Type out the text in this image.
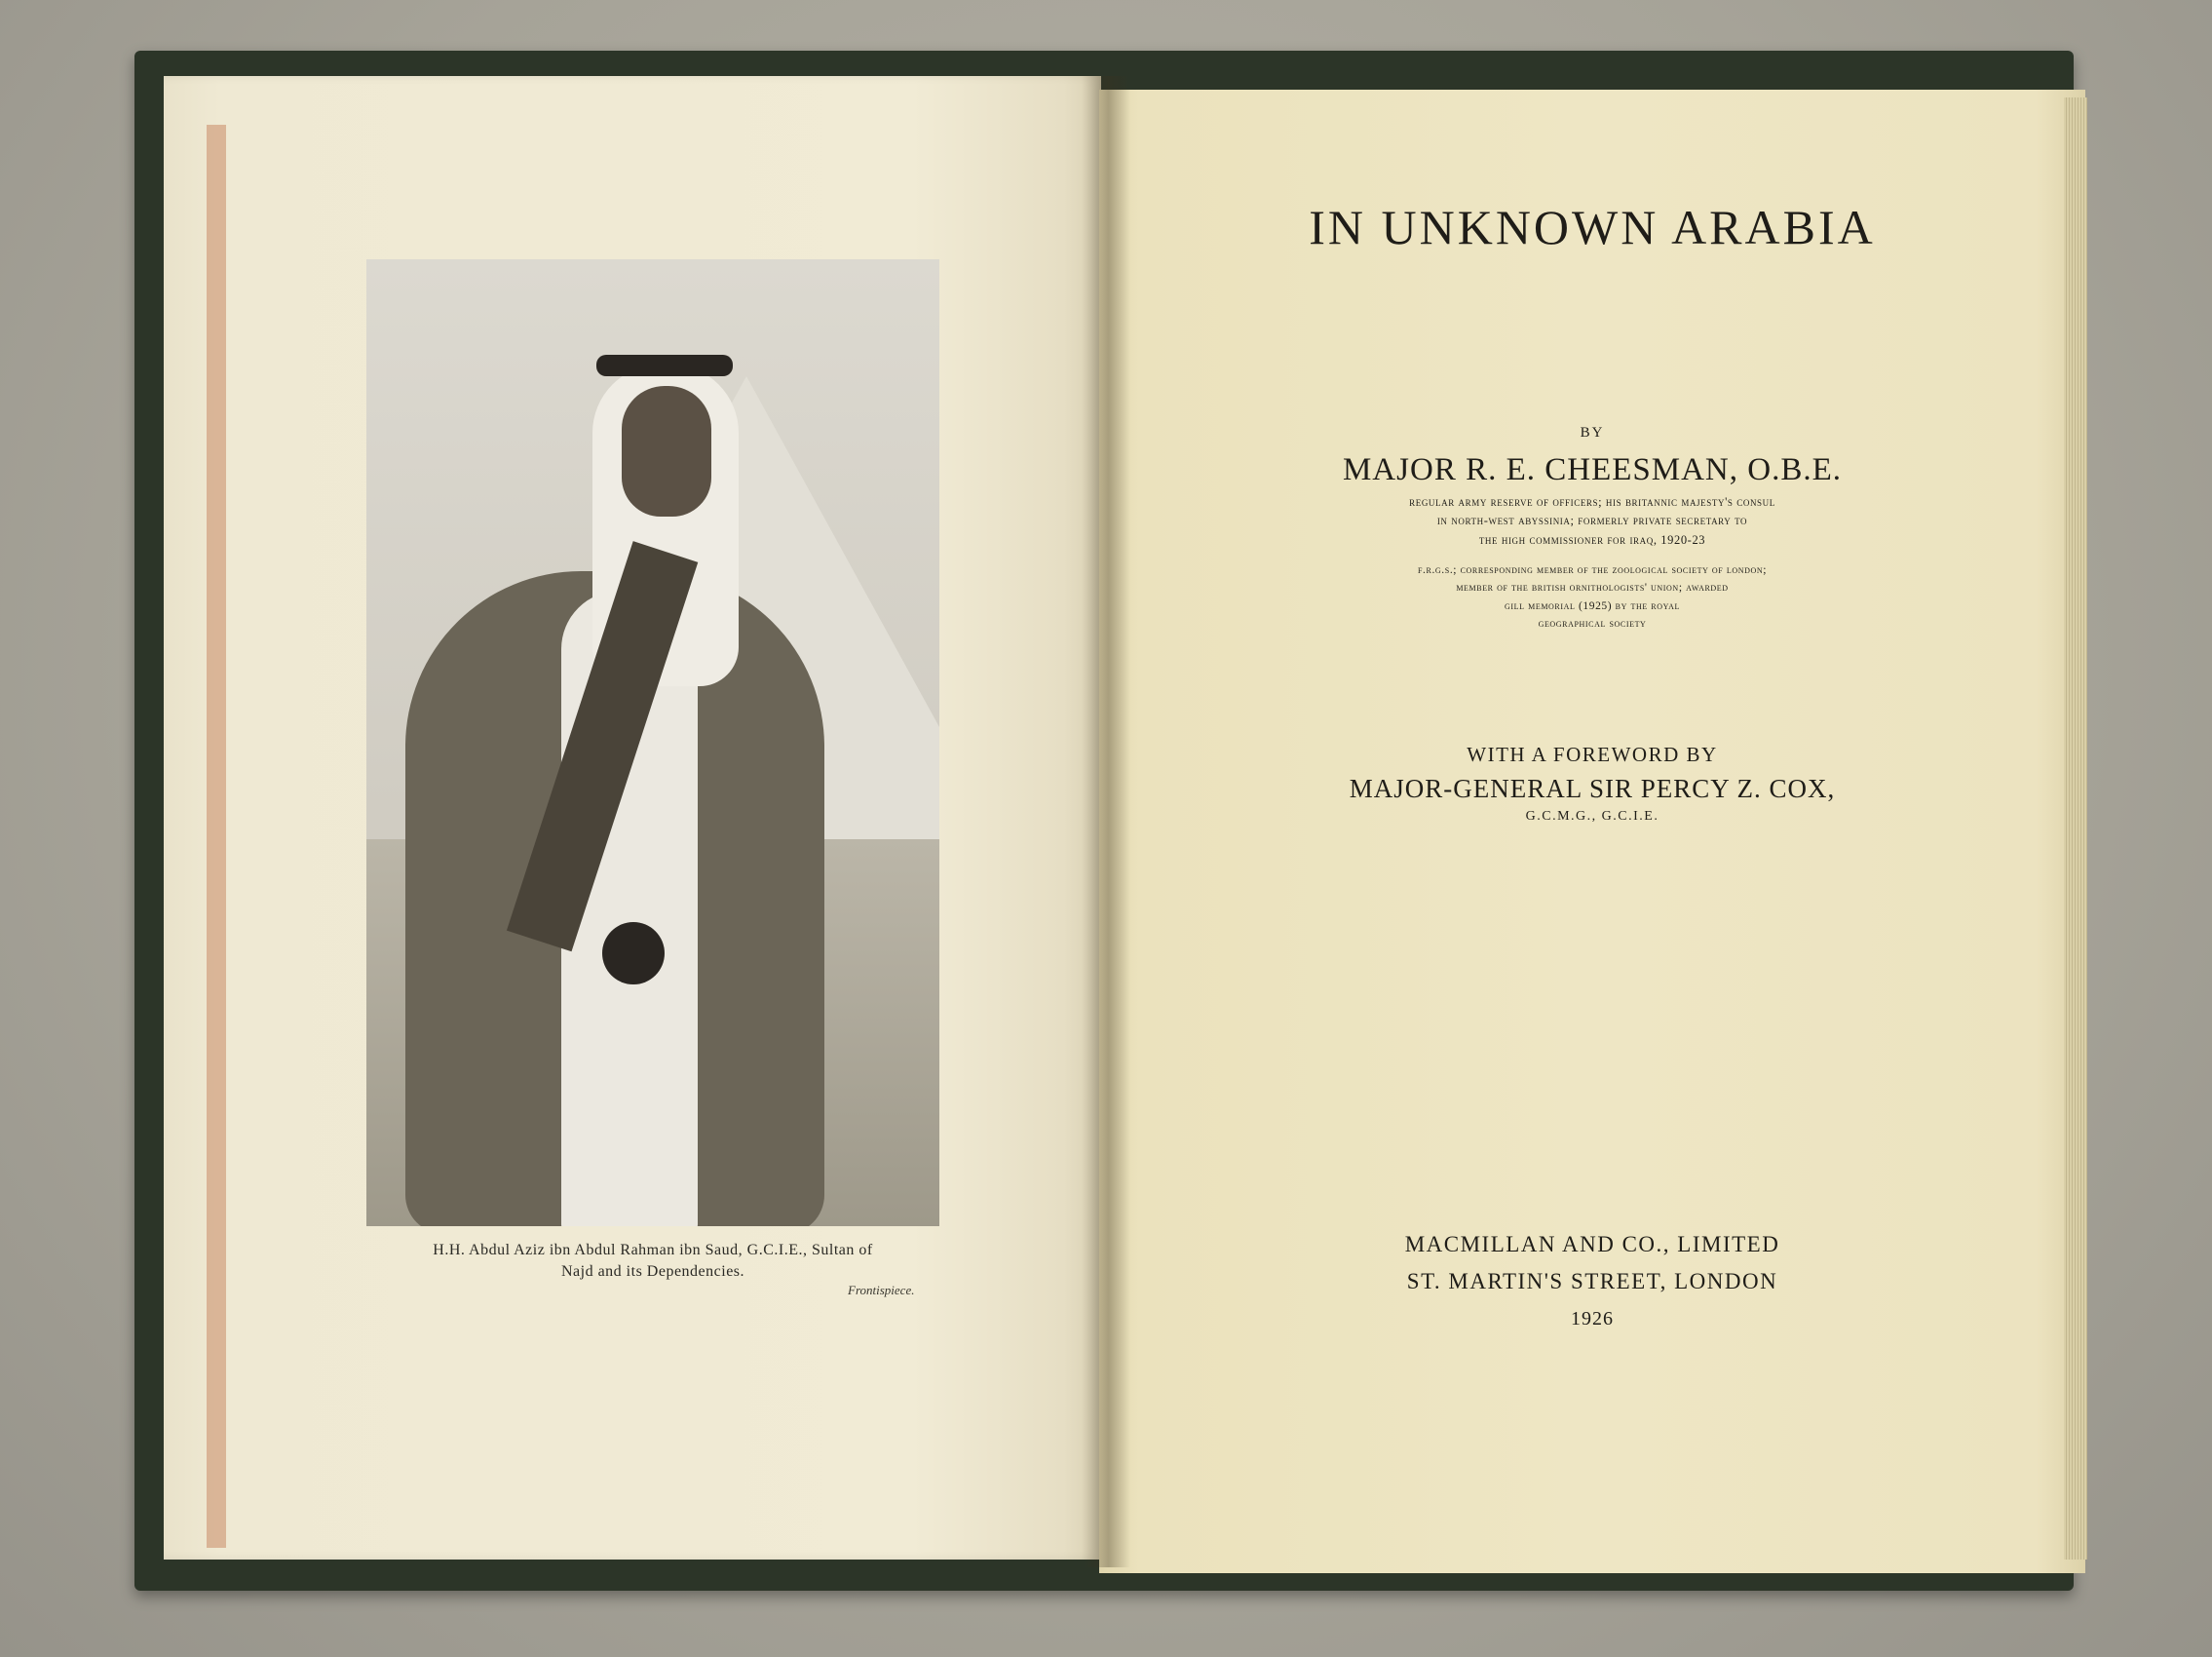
H.H. Abdul Aziz ibn Abdul Rahman ibn Saud, G.C.I.E., Sultan of
Najd and its Dependencies.
Frontispiece.
IN UNKNOWN ARABIA
BY
MAJOR R. E. CHEESMAN, O.B.E.
regular army reserve of officers; his britannic majesty's consul
in north-west abyssinia; formerly private secretary to
the high commissioner for iraq, 1920-23
f.r.g.s.; corresponding member of the zoological society of london;
member of the british ornithologists' union; awarded
gill memorial (1925) by the royal
geographical society
WITH A FOREWORD BY
MAJOR-GENERAL SIR PERCY Z. COX,
G.C.M.G., G.C.I.E.
MACMILLAN AND CO., LIMITED
ST. MARTIN'S STREET, LONDON
1926
